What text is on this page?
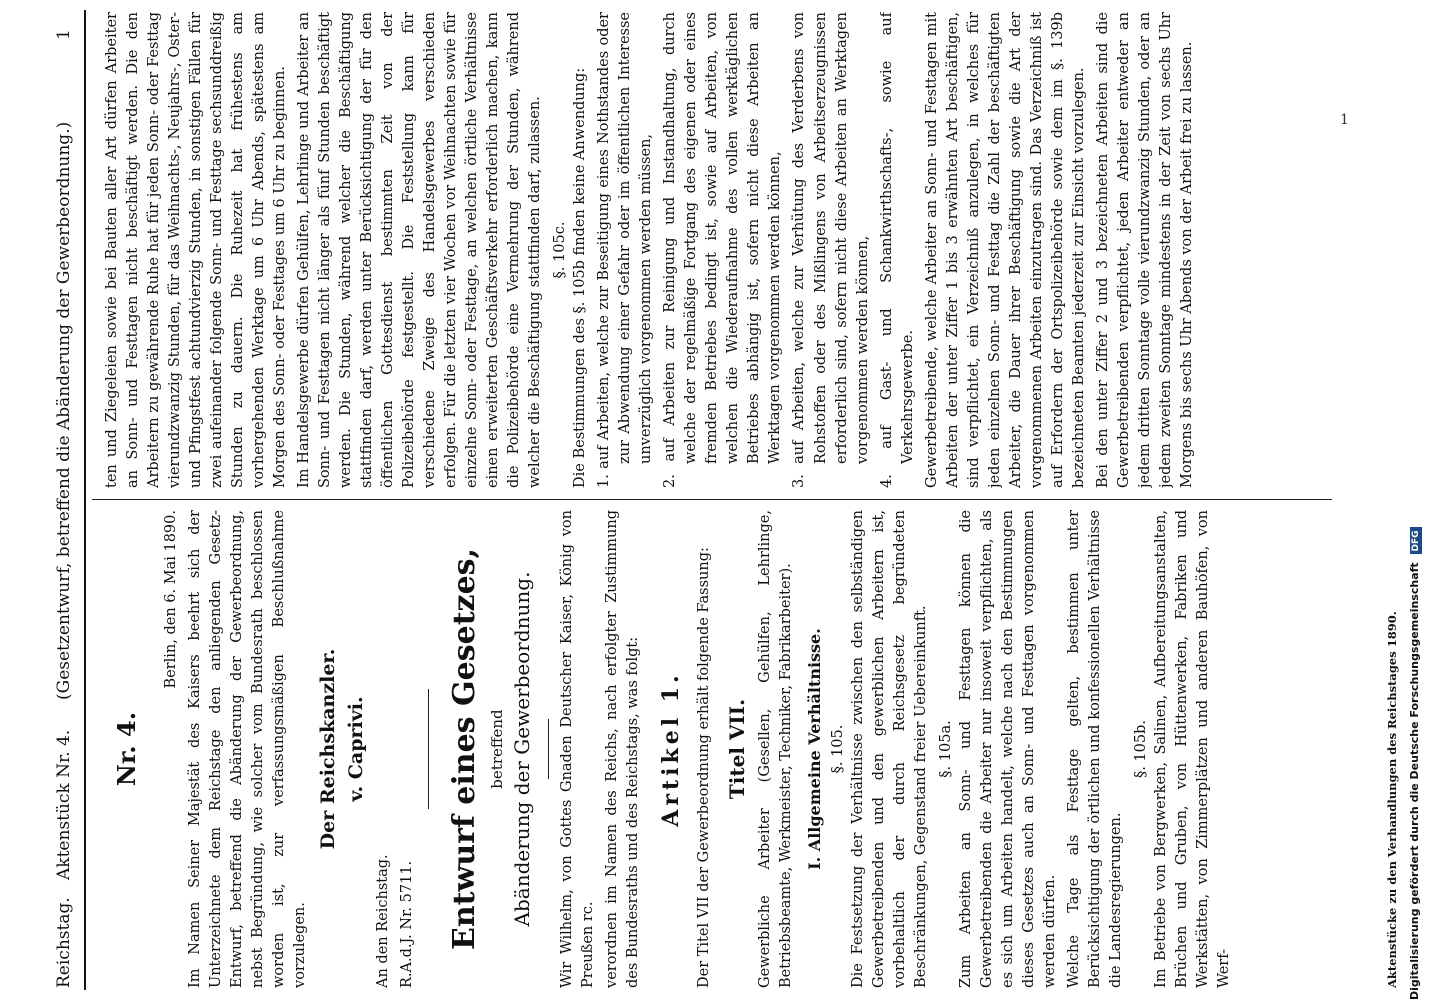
Reichstag.
Aktenstück Nr. 4.
(Gesetzentwurf, betreffend die Abänderung der Gewerbeordnung.)
1
Nr. 4.

Berlin, den 6. Mai 1890. Im Namen Seiner Majestät des Kaisers beehrt sich der Unterzeichnete dem Reichstage den anliegenden Gesetz-Entwurf, betreffend die Abänderung der Gewerbeordnung, nebst Begründung, wie solcher vom Bundesrath beschlossen worden ist, zur verfassungsmäßigen Beschlußnahme vorzulegen.

Der Reichskanzler. v. Caprivi.

An den Reichstag. R.A.d.J. Nr. 5711. Entwurf eines Gesetzes, betreffend Abänderung der Gewerbeordnung. Wir Wilhelm, von Gottes Gnaden Deutscher Kaiser, König von Preußen rc. verordnen im Namen des Reichs, nach erfolgter Zustimmung des Bundesraths und des Reichstags, was folgt: Artikel 1. Der Titel VII der Gewerbeordnung erhält folgende Fassung: Titel VII. Gewerbliche Arbeiter (Gesellen, Gehülfen, Lehrlinge, Betriebsbeamte, Werkmeister, Techniker, Fabrikarbeiter). I. Allgemeine Verhältnisse. §. 105. Die Festsetzung der Verhältnisse zwischen den selbständigen Gewerbetreibenden und den gewerblichen Arbeitern ist, vorbehaltlich der durch Reichsgesetz begründeten Beschränkungen, Gegenstand freier Uebereinkunft. §. 105a. Zum Arbeiten an Sonn- und Festtagen können die Gewerbetreibenden die Arbeiter nur insoweit verpflichten, als es sich um Arbeiten handelt, welche nach den Bestimmungen dieses Gesetzes auch an Sonn- und Festtagen vorgenommen werden dürfen. Welche Tage als Festtage gelten, bestimmen unter Berücksichtigung der örtlichen und konfessionellen Verhältnisse die Landesregierungen.

§. 105b. Im Betriebe von Bergwerken, Salinen, Aufbereitungsanstalten, Brüchen und Gruben, von Hüttenwerken, Fabriken und Werkstätten, von Zimmerplätzen und anderen Bauhöfen, von Werf-

ten und Ziegeleien sowie bei Bauten aller Art dürfen Arbeiter an Sonn- und Festtagen nicht beschäftigt werden. Die den Arbeitern zu gewährende Ruhe hat für jeden Sonn- oder Festtag vierundzwanzig Stunden, für das Weihnachts-, Neujahrs-, Oster- und Pfingstfest achtundvierzig Stunden, in sonstigen Fällen für zwei aufeinander folgende Sonn- und Festtage sechsunddreißig Stunden zu dauern. Die Ruhezeit hat frühestens am vorhergehenden Werktage um 6 Uhr Abends, spätestens am Morgen des Sonn- oder Festtages um 6 Uhr zu beginnen. Im Handelsgewerbe dürfen Gehülfen, Lehrlinge und Arbeiter an Sonn- und Festtagen nicht länger als fünf Stunden beschäftigt werden. Die Stunden, während welcher die Beschäftigung stattfinden darf, werden unter Berücksichtigung der für den öffentlichen Gottesdienst bestimmten Zeit von der Polizeibehörde festgestellt. Die Feststellung kann für verschiedene Zweige des Handelsgewerbes verschieden erfolgen. Für die letzten vier Wochen vor Weihnachten sowie für einzelne Sonn- oder Festtage, an welchen örtliche Verhältnisse einen erweiterten Geschäftsverkehr erforderlich machen, kann die Polizeibehörde eine Vermehrung der Stunden, während welcher die Beschäftigung stattfinden darf, zulassen. §. 105c. Die Bestimmungen des §. 105b finden keine Anwendung: 1. auf Arbeiten, welche zur Beseitigung eines Nothstandes oder zur Abwendung einer Gefahr oder im öffentlichen Interesse unverzüglich vorgenommen werden müssen, 2. auf Arbeiten zur Reinigung und Instandhaltung, durch welche der regelmäßige Fortgang des eigenen oder eines fremden Betriebes bedingt ist, sowie auf Arbeiten, von welchen die Wiederaufnahme des vollen werktäglichen Betriebes abhängig ist, sofern nicht diese Arbeiten an Werktagen vorgenommen werden können, 3. auf Arbeiten, welche zur Verhütung des Verderbens von Rohstoffen oder des Mißlingens von Arbeitserzeugnissen erforderlich sind, sofern nicht diese Arbeiten an Werktagen vorgenommen werden können, 4. auf Gast- und Schankwirthschafts-, sowie auf Verkehrsgewerbe. Gewerbetreibende, welche Arbeiter an Sonn- und Festtagen mit Arbeiten der unter Ziffer 1 bis 3 erwähnten Art beschäftigen, sind verpflichtet, ein Verzeichniß anzulegen, in welches für jeden einzelnen Sonn- und Festtag die Zahl der beschäftigten Arbeiter, die Dauer ihrer Beschäftigung sowie die Art der vorgenommenen Arbeiten einzutragen sind. Das Verzeichniß ist auf Erfordern der Ortspolizeibehörde sowie dem im §. 139b bezeichneten Beamten jederzeit zur Einsicht vorzulegen. Bei den unter Ziffer 2 und 3 bezeichneten Arbeiten sind die Gewerbetreibenden verpflichtet, jeden Arbeiter entweder an jedem dritten Sonntage volle vierundzwanzig Stunden, oder an jedem zweiten Sonntage mindestens in der Zeit von sechs Uhr Morgens bis sechs Uhr Abends von der Arbeit frei zu lassen.

Aktenstücke zu den Verhandlungen des Reichstages 1890.
1
Digitalisierung gefördert durch die Deutsche Forschungsgemeinschaft DFG
